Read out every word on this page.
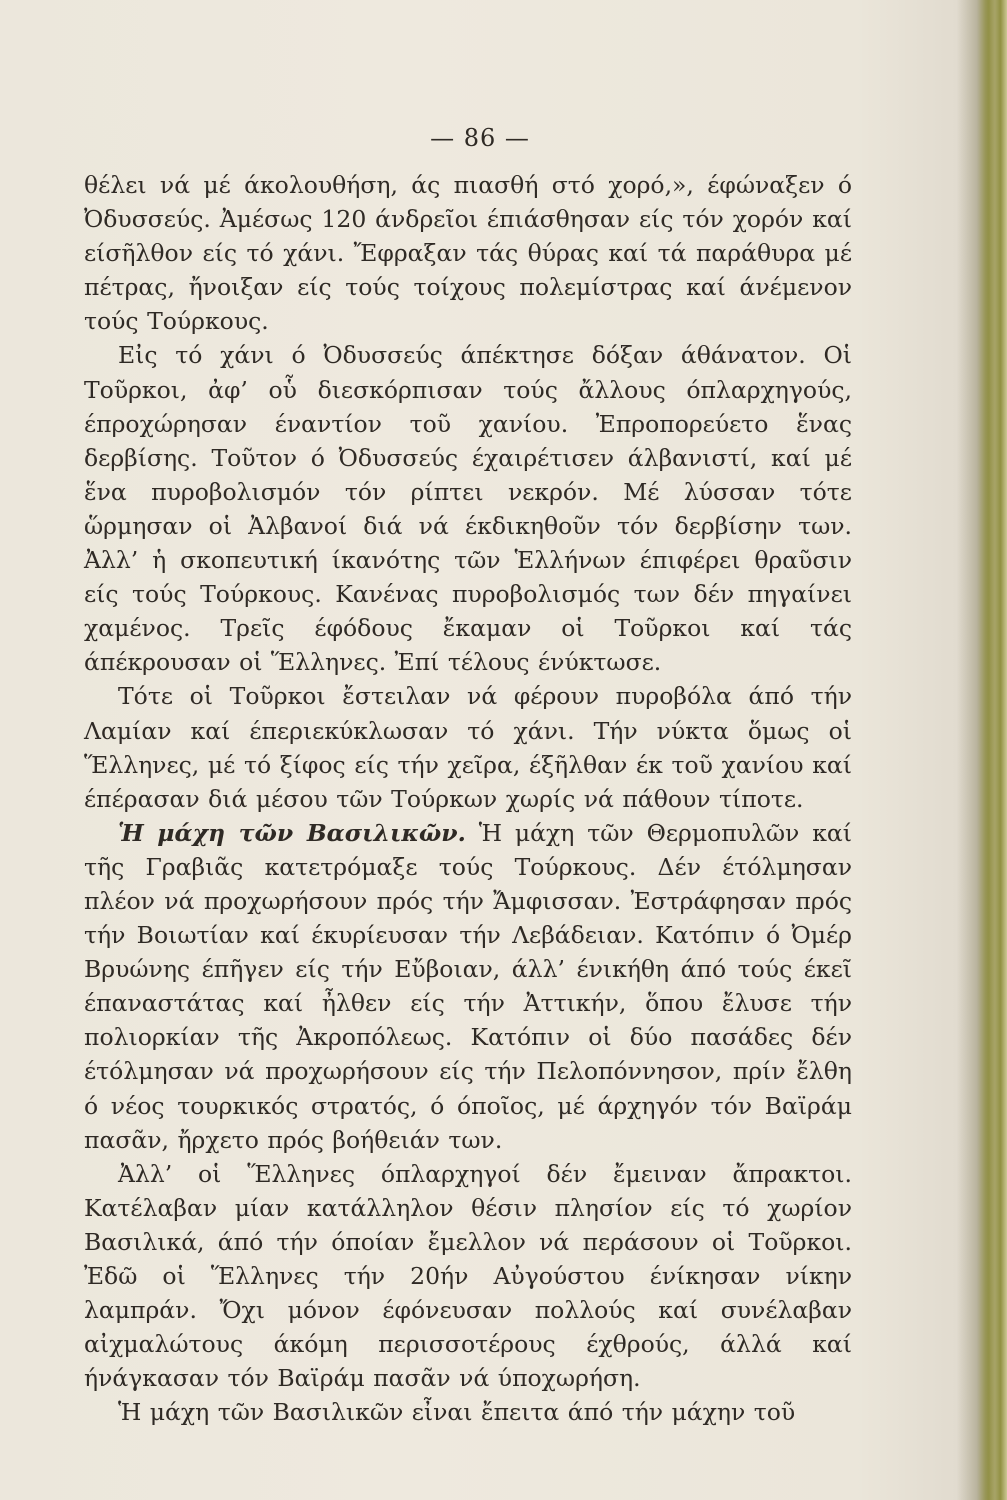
— 86 —

θέλει νά μέ άκολουθήση, άς πιασθή στό χορό,», έφώναξεν ό Ὀδυσσεύς. Ἀμέσως 120 άνδρεῖοι έπιάσθησαν είς τόν χορόν καί είσῆλθον είς τό χάνι. Ἔφραξαν τάς θύρας καί τά παράθυρα μέ πέτρας, ἤνοιξαν είς τούς τοίχους πολεμίστρας καί άνέμενον τούς Τούρκους.

Εἰς τό χάνι ό Ὀδυσσεύς άπέκτησε δόξαν άθάνατον. Οἱ Τοῦρκοι, ἀφ’ οὗ διεσκόρπισαν τούς ἄλλους όπλαρχηγούς, έπροχώρησαν έναντίον τοῦ χανίου. Ἐπροπορεύετο ἕνας δερβίσης. Τοῦτον ό Ὀδυσσεύς έχαιρέτισεν άλβανιστί, καί μέ ἕνα πυροβολισμόν τόν ρίπτει νεκρόν. Μέ λύσσαν τότε ὥρμησαν οἱ Ἀλβανοί διά νά έκδικηθοῦν τόν δερβίσην των. Ἀλλ’ ἡ σκοπευτική ίκανότης τῶν Ἑλλήνων έπιφέρει θραῦσιν είς τούς Τούρκους. Κανένας πυροβολισμός των δέν πηγαίνει χαμένος. Τρεῖς έφόδους ἔκαμαν οἱ Τοῦρκοι καί τάς άπέκρουσαν οἱ Ἕλληνες. Ἐπί τέλους ένύκτωσε.

Τότε οἱ Τοῦρκοι ἔστειλαν νά φέρουν πυροβόλα άπό τήν Λαμίαν καί έπεριεκύκλωσαν τό χάνι. Τήν νύκτα ὅμως οἱ Ἕλληνες, μέ τό ξίφος είς τήν χεῖρα, έξῆλθαν έκ τοῦ χανίου καί έπέρασαν διά μέσου τῶν Τούρκων χωρίς νά πάθουν τίποτε.

Ἡ μάχη τῶν Βασιλικῶν. Ἡ μάχη τῶν Θερμοπυλῶν καί τῆς Γραβιᾶς κατετρόμαξε τούς Τούρκους. Δέν έτόλμησαν πλέον νά προχωρήσουν πρός τήν Ἄμφισσαν. Ἐστράφησαν πρός τήν Βοιωτίαν καί έκυρίευσαν τήν Λεβάδειαν. Κατόπιν ό Ὀμέρ Βρυώνης έπῆγεν είς τήν Εὔβοιαν, άλλ’ ένικήθη άπό τούς έκεῖ έπαναστάτας καί ἦλθεν είς τήν Ἀττικήν, ὅπου ἔλυσε τήν πολιορκίαν τῆς Ἀκροπόλεως. Κατόπιν οἱ δύο πασάδες δέν έτόλμησαν νά προχωρήσουν είς τήν Πελοπόννησον, πρίν ἔλθη ό νέος τουρκικός στρατός, ό όποῖος, μέ άρχηγόν τόν Βαϊράμ πασᾶν, ἤρχετο πρός βοήθειάν των.

Ἀλλ’ οἱ Ἕλληνες όπλαρχηγοί δέν ἔμειναν ἄπρακτοι. Κατέλαβαν μίαν κατάλληλον θέσιν πλησίον είς τό χωρίον Βασιλικά, άπό τήν όποίαν ἔμελλον νά περάσουν οἱ Τοῦρκοι. Ἐδῶ οἱ Ἕλληνες τήν 20ήν Αὐγούστου ένίκησαν νίκην λαμπράν. Ὄχι μόνον έφόνευσαν πολλούς καί συνέλαβαν αἰχμαλώτους άκόμη περισσοτέρους έχθρούς, άλλά καί ήνάγκασαν τόν Βαϊράμ πασᾶν νά ύποχωρήση.

Ἡ μάχη τῶν Βασιλικῶν εἶναι ἔπειτα άπό τήν μάχην τοῦ
